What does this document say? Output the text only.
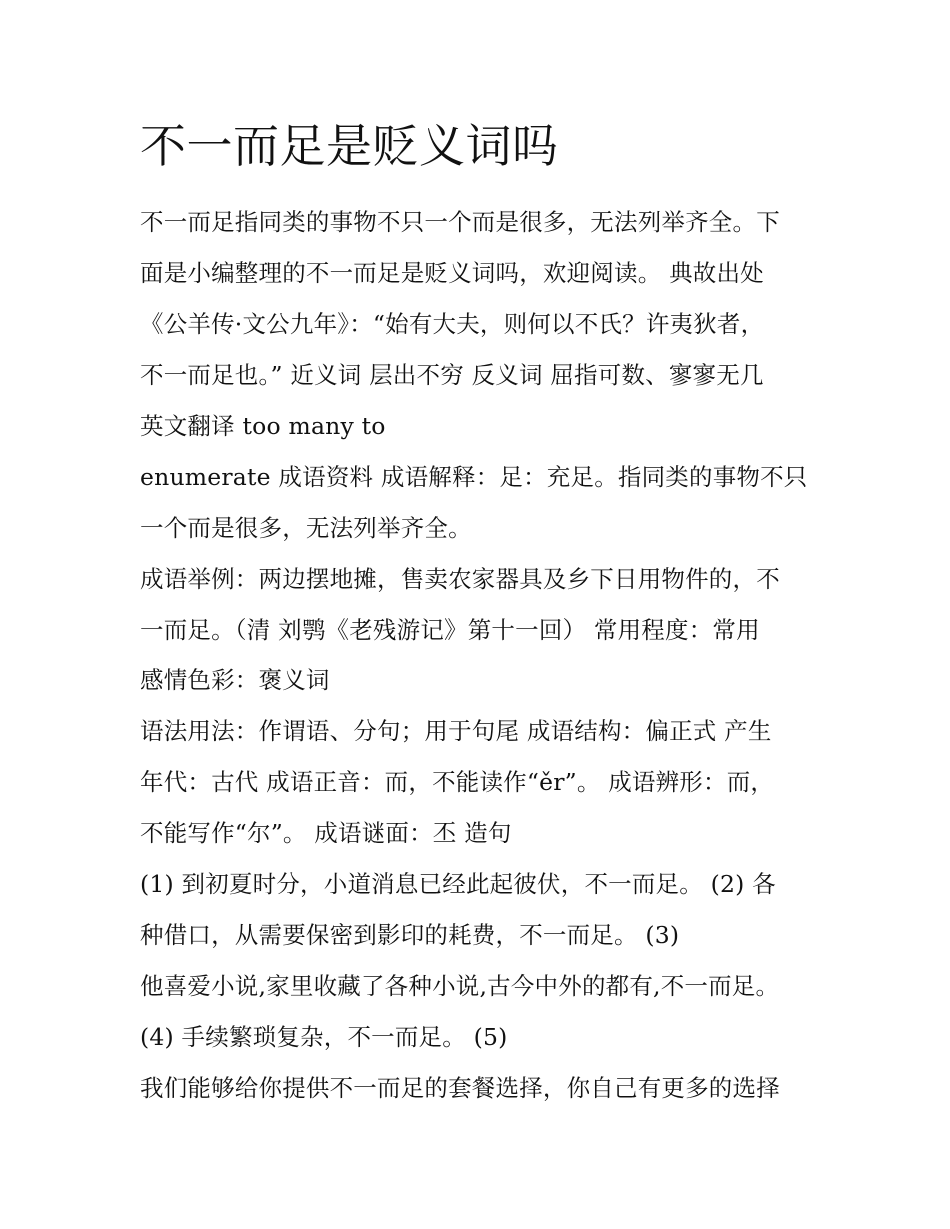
不一而足是贬义词吗
不一而足指同类的事物不只一个而是很多，无法列举齐全。下
面是小编整理的不一而足是贬义词吗，欢迎阅读。 典故出处
《公羊传·文公九年》：“始有大夫，则何以不氏？许夷狄者，
不一而足也。” 近义词 层出不穷 反义词 屈指可数、寥寥无几
英文翻译 too many to
enumerate 成语资料 成语解释：足：充足。指同类的事物不只
一个而是很多，无法列举齐全。
成语举例：两边摆地摊，售卖农家器具及乡下日用物件的，不
一而足。（清 刘鹗《老残游记》第十一回） 常用程度：常用
感情色彩：褒义词
语法用法：作谓语、分句；用于句尾 成语结构：偏正式 产生
年代：古代 成语正音：而，不能读作“ěr”。 成语辨形：而，
不能写作“尔”。 成语谜面：丕 造句
(1) 到初夏时分，小道消息已经此起彼伏，不一而足。 (2) 各
种借口，从需要保密到影印的耗费，不一而足。 (3)
他喜爱小说,家里收藏了各种小说,古今中外的都有,不一而足。
(4) 手续繁琐复杂，不一而足。 (5)
我们能够给你提供不一而足的套餐选择，你自己有更多的选择
